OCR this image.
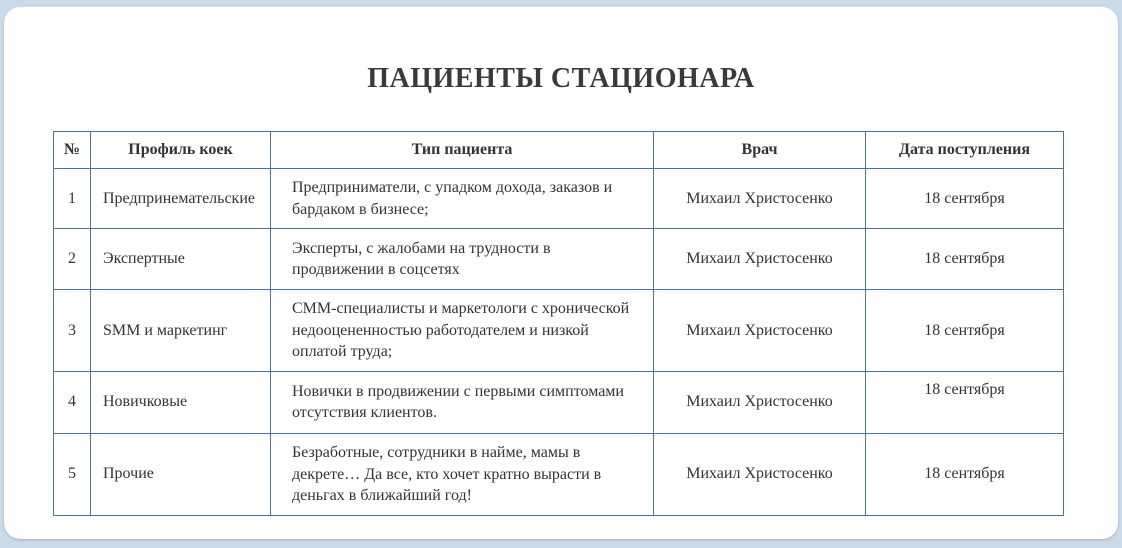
ПАЦИЕНТЫ СТАЦИОНАРА
№	Профиль коек	Тип пациента	Врач	Дата поступления
1	Предпринемательские	Предприниматели, с упадком дохода, заказов и бардаком в бизнесе;	Михаил Христосенко	18 сентября
2	Экспертные	Эксперты, с жалобами на трудности в продвижении в соцсетях	Михаил Христосенко	18 сентября
3	SMM и маркетинг	СММ-специалисты и маркетологи с хронической недооцененностью работодателем и низкой оплатой труда;	Михаил Христосенко	18 сентября
4	Новичковые	Новички в продвижении с первыми симптомами отсутствия клиентов.	Михаил Христосенко	18 сентября
5	Прочие	Безработные, сотрудники в найме, мамы в декрете… Да все, кто хочет кратно вырасти в деньгах в ближайший год!	Михаил Христосенко	18 сентября
